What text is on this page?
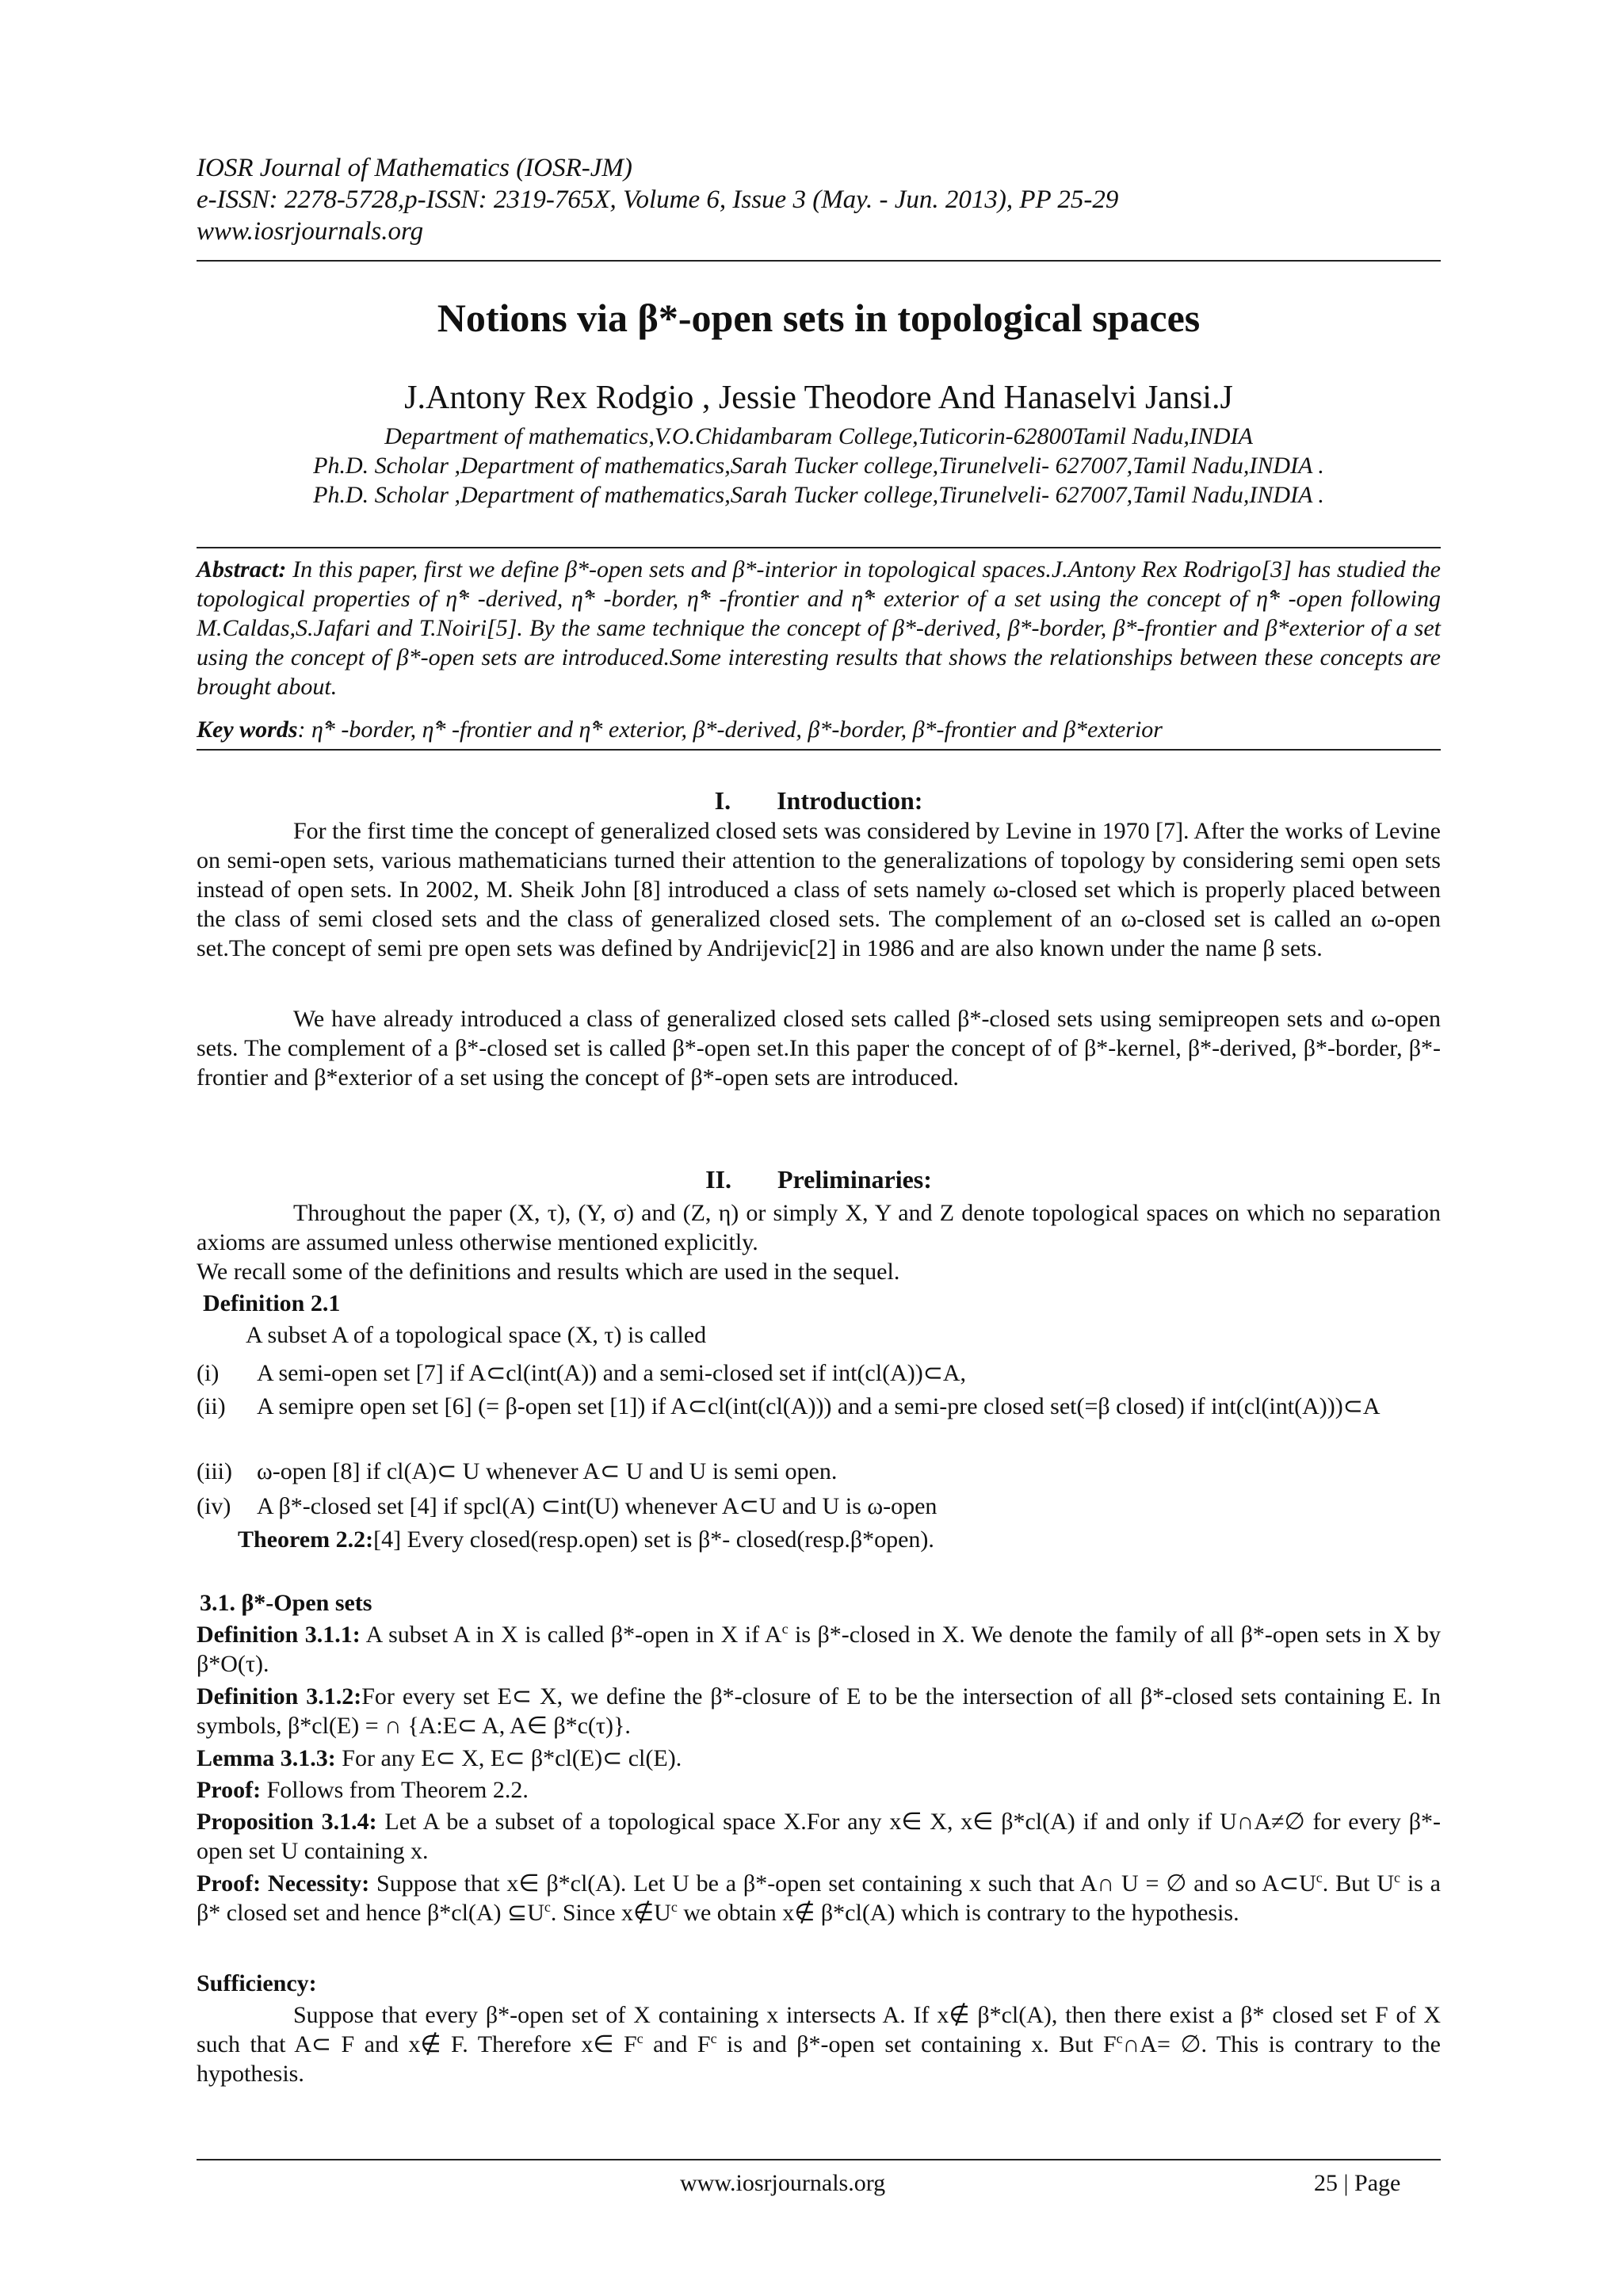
IOSR Journal of Mathematics (IOSR-JM)
e-ISSN: 2278-5728,p-ISSN: 2319-765X, Volume 6, Issue 3 (May. - Jun. 2013), PP 25-29
www.iosrjournals.org
Notions via β*-open sets in topological spaces
J.Antony Rex Rodgio , Jessie Theodore And Hanaselvi Jansi.J
Department of mathematics,V.O.Chidambaram College,Tuticorin-62800Tamil Nadu,INDIA
Ph.D. Scholar ,Department of mathematics,Sarah Tucker college,Tirunelveli- 627007,Tamil Nadu,INDIA .
Ph.D. Scholar ,Department of mathematics,Sarah Tucker college,Tirunelveli- 627007,Tamil Nadu,INDIA .
Abstract: In this paper, first we define β*-open sets and β*-interior in topological spaces.J.Antony Rex Rodrigo[3] has studied the topological properties of η̂* -derived, η̂* -border, η̂* -frontier and η̂* exterior of a set using the concept of η̂* -open following M.Caldas,S.Jafari and T.Noiri[5]. By the same technique the concept of β*-derived, β*-border, β*-frontier and β*exterior of a set using the concept of β*-open sets are introduced.Some interesting results that shows the relationships between these concepts are brought about.
Key words: η̂* -border, η̂* -frontier and η̂* exterior, β*-derived, β*-border, β*-frontier and β*exterior
I. Introduction:
For the first time the concept of generalized closed sets was considered by Levine in 1970 [7]. After the works of Levine on semi-open sets, various mathematicians turned their attention to the generalizations of topology by considering semi open sets instead of open sets. In 2002, M. Sheik John [8] introduced a class of sets namely ω-closed set which is properly placed between the class of semi closed sets and the class of generalized closed sets. The complement of an ω-closed set is called an ω-open set.The concept of semi pre open sets was defined by Andrijevic[2] in 1986 and are also known under the name β sets.
We have already introduced a class of generalized closed sets called β*-closed sets using semipreopen sets and ω-open sets. The complement of a β*-closed set is called β*-open set.In this paper the concept of of β*-kernel, β*-derived, β*-border, β*-frontier and β*exterior of a set using the concept of β*-open sets are introduced.
II. Preliminaries:
Throughout the paper (X, τ), (Y, σ) and (Z, η) or simply X, Y and Z denote topological spaces on which no separation axioms are assumed unless otherwise mentioned explicitly.
We recall some of the definitions and results which are used in the sequel.
Definition 2.1
A subset A of a topological space (X, τ) is called
(i) A semi-open set [7] if A⊂cl(int(A)) and a semi-closed set if int(cl(A))⊂A,
(ii) A semipre open set [6] (= β-open set [1]) if A⊂cl(int(cl(A))) and a semi-pre closed set(=β closed) if int(cl(int(A)))⊂A
(iii) ω-open [8] if cl(A)⊂ U whenever A⊂ U and U is semi open.
(iv) A β*-closed set [4] if spcl(A) ⊂int(U) whenever A⊂U and U is ω-open
Theorem 2.2:[4] Every closed(resp.open) set is β*- closed(resp.β*open).
3.1. β*-Open sets
Definition 3.1.1: A subset A in X is called β*-open in X if $A^c$ is β*-closed in X. We denote the family of all β*-open sets in X by β*O(τ).
Definition 3.1.2:For every set E⊂ X, we define the β*-closure of E to be the intersection of all β*-closed sets containing E. In symbols, β*cl(E) = ∩ {A:E⊂ A, A∈ β*c(τ)}.
Lemma 3.1.3: For any E⊂ X, E⊂ β*cl(E)⊂ cl(E).
Proof: Follows from Theorem 2.2.
Proposition 3.1.4: Let A be a subset of a topological space X.For any x∈ X, x∈ β*cl(A) if and only if U∩A≠∅ for every β*-open set U containing x.
Proof: Necessity: Suppose that x∈ β*cl(A). Let U be a β*-open set containing x such that A∩ U = ∅ and so $A\subset U^c$. But $U^c$ is a β* closed set and hence β*cl(A) $⊆U^c$. Since $x\notin U^c$ we obtain x∉ β*cl(A) which is contrary to the hypothesis.
Sufficiency:
Suppose that every β*-open set of X containing x intersects A. If x∉ β*cl(A), then there exist a β* closed set F of X such that A⊂ F and x∉ F. Therefore x∈ $F^c$ and $F^c$ is and β*-open set containing x. But $F^c\cap A=$ ∅. This is contrary to the hypothesis.
www.iosrjournals.org	25 | Page
